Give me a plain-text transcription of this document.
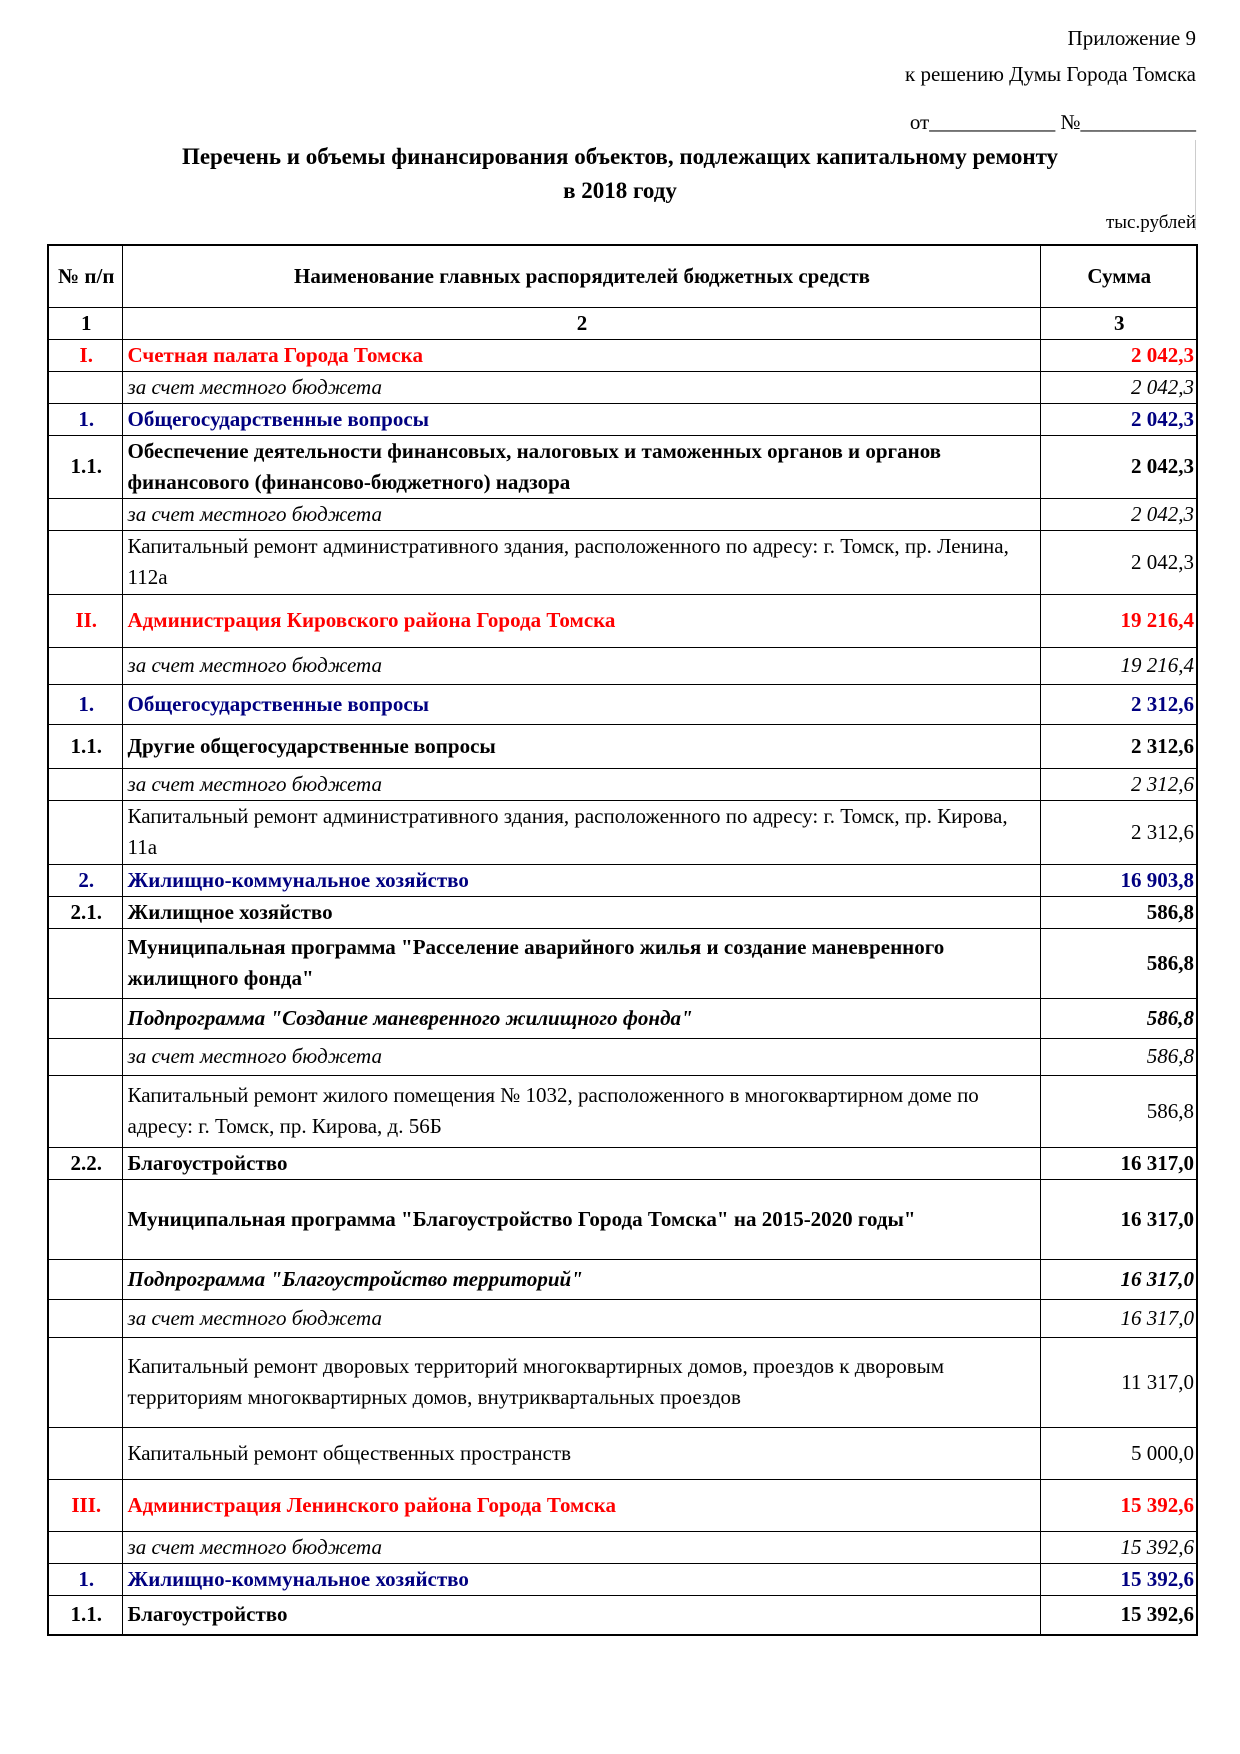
Приложение 9
к решению Думы Города Томска
от____________ №___________
Перечень и объемы финансирования объектов, подлежащих капитальному ремонту
в 2018 году
тыс.рублей
№ п/п	Наименование главных распорядителей бюджетных средств	Сумма
1	2	3
I.	Счетная палата Города Томска	2 042,3
	за счет местного бюджета	2 042,3
1.	Общегосударственные вопросы	2 042,3
1.1.	Обеспечение деятельности финансовых, налоговых и таможенных органов и органов финансового (финансово-бюджетного) надзора	2 042,3
	за счет местного бюджета	2 042,3
	Капитальный ремонт административного здания, расположенного по адресу: г. Томск, пр. Ленина, 112а	2 042,3
II.	Администрация Кировского района Города Томска	19 216,4
	за счет местного бюджета	19 216,4
1.	Общегосударственные вопросы	2 312,6
1.1.	Другие общегосударственные вопросы	2 312,6
	за счет местного бюджета	2 312,6
	Капитальный ремонт административного здания, расположенного по адресу: г. Томск, пр. Кирова, 11а	2 312,6
2.	Жилищно-коммунальное хозяйство	16 903,8
2.1.	Жилищное хозяйство	586,8
	Муниципальная программа "Расселение аварийного жилья и создание маневренного жилищного фонда"	586,8
	Подпрограмма "Создание маневренного жилищного фонда"	586,8
	за счет местного бюджета	586,8
	Капитальный ремонт жилого помещения № 1032, расположенного в многоквартирном доме по адресу: г. Томск, пр. Кирова, д. 56Б	586,8
2.2.	Благоустройство	16 317,0
	Муниципальная программа "Благоустройство Города Томска" на 2015-2020 годы"	16 317,0
	Подпрограмма "Благоустройство территорий"	16 317,0
	за счет местного бюджета	16 317,0
	Капитальный ремонт дворовых территорий многоквартирных домов, проездов к дворовым территориям многоквартирных домов, внутриквартальных проездов	11 317,0
	Капитальный ремонт общественных пространств	5 000,0
III.	Администрация Ленинского района Города Томска	15 392,6
	за счет местного бюджета	15 392,6
1.	Жилищно-коммунальное хозяйство	15 392,6
1.1.	Благоустройство	15 392,6
